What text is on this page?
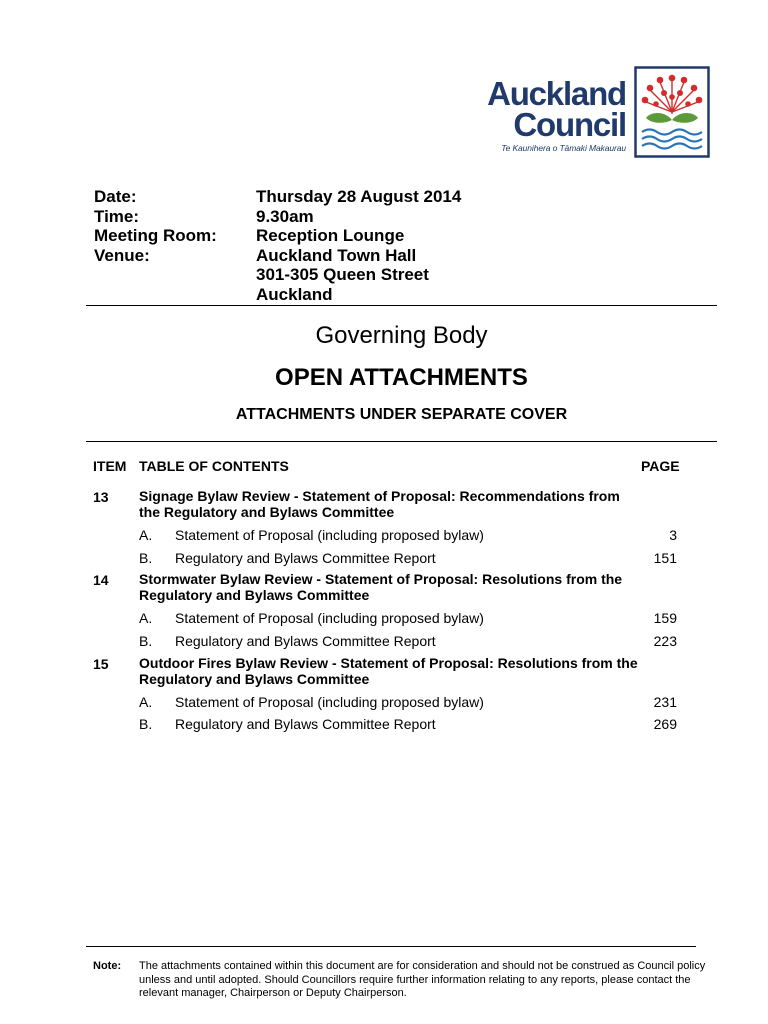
Auckland
Council
Te Kaunihera o Tāmaki Makaurau
Date:	Thursday 28 August 2014
Time:	9.30am
Meeting Room:	Reception Lounge
Venue:	Auckland Town Hall
301-305 Queen Street
Auckland
Governing Body
OPEN ATTACHMENTS
ATTACHMENTS UNDER SEPARATE COVER
ITEM TABLE OF CONTENTS	PAGE
13 Signage Bylaw Review - Statement of Proposal: Recommendations from the Regulatory and Bylaws Committee
A. Statement of Proposal (including proposed bylaw)	3
B. Regulatory and Bylaws Committee Report	151
14 Stormwater Bylaw Review - Statement of Proposal: Resolutions from the Regulatory and Bylaws Committee
A. Statement of Proposal (including proposed bylaw)	159
B. Regulatory and Bylaws Committee Report	223
15 Outdoor Fires Bylaw Review - Statement of Proposal: Resolutions from the Regulatory and Bylaws Committee
A. Statement of Proposal (including proposed bylaw)	231
B. Regulatory and Bylaws Committee Report	269
Note: The attachments contained within this document are for consideration and should not be construed as Council policy unless and until adopted. Should Councillors require further information relating to any reports, please contact the relevant manager, Chairperson or Deputy Chairperson.
